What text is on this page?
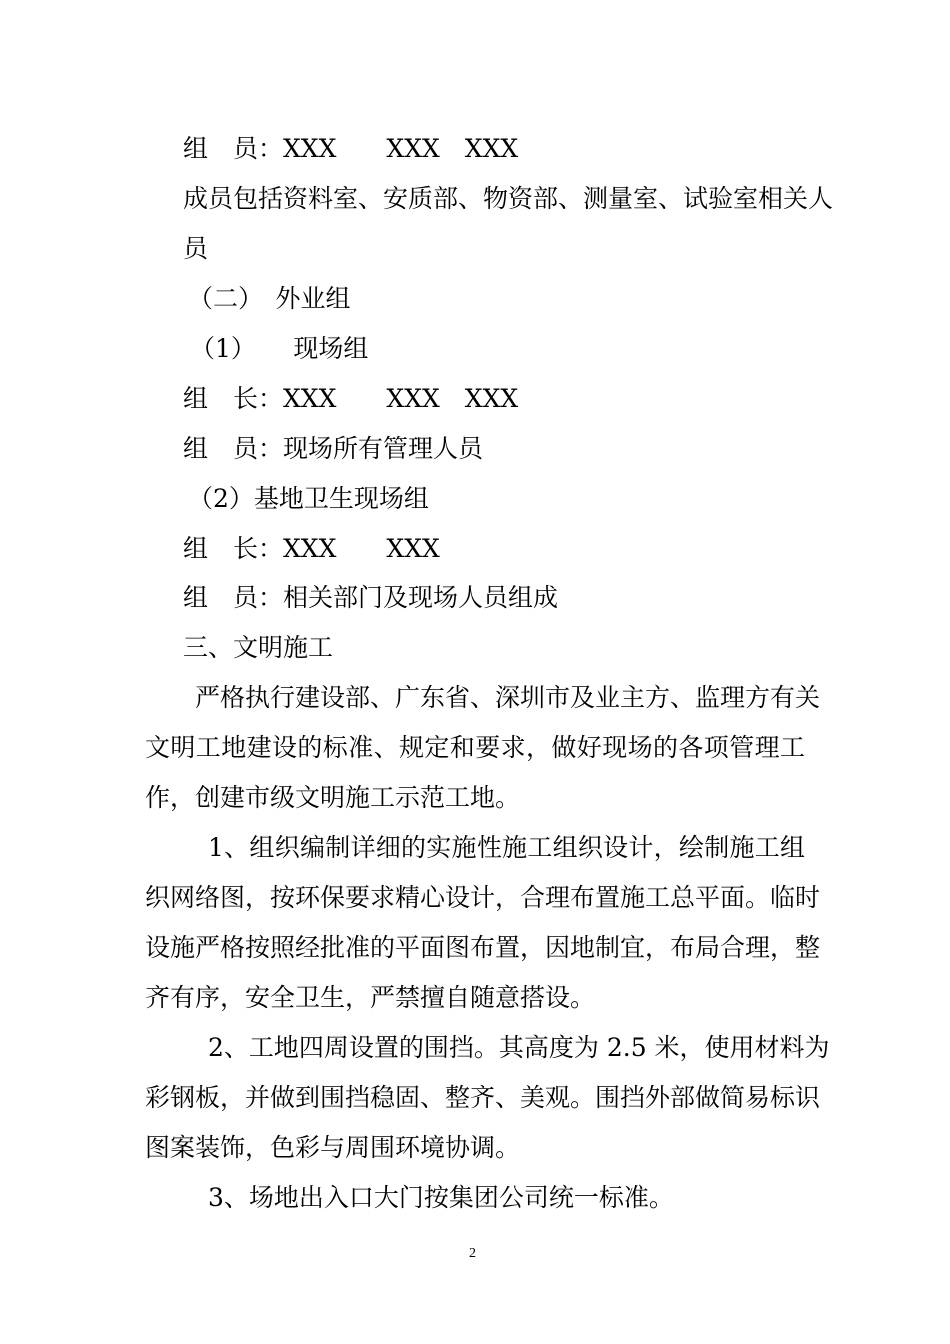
组　员：XXX　　XXX　XXX
成员包括资料室、安质部、物资部、测量室、试验室相关人
员
（二）　外业组
（1）　　现场组
组　长：XXX　　XXX　XXX
组　员：现场所有管理人员
（2）基地卫生现场组
组　长：XXX　　XXX
组　员：相关部门及现场人员组成
三、文明施工
严格执行建设部、广东省、深圳市及业主方、监理方有关
文明工地建设的标准、规定和要求，做好现场的各项管理工
作，创建市级文明施工示范工地。
1、组织编制详细的实施性施工组织设计，绘制施工组
织网络图，按环保要求精心设计，合理布置施工总平面。临时
设施严格按照经批准的平面图布置，因地制宜，布局合理，整
齐有序，安全卫生，严禁擅自随意搭设。
2、工地四周设置的围挡。其高度为 2.5 米，使用材料为
彩钢板，并做到围挡稳固、整齐、美观。围挡外部做简易标识
图案装饰，色彩与周围环境协调。
3、场地出入口大门按集团公司统一标准。
2
